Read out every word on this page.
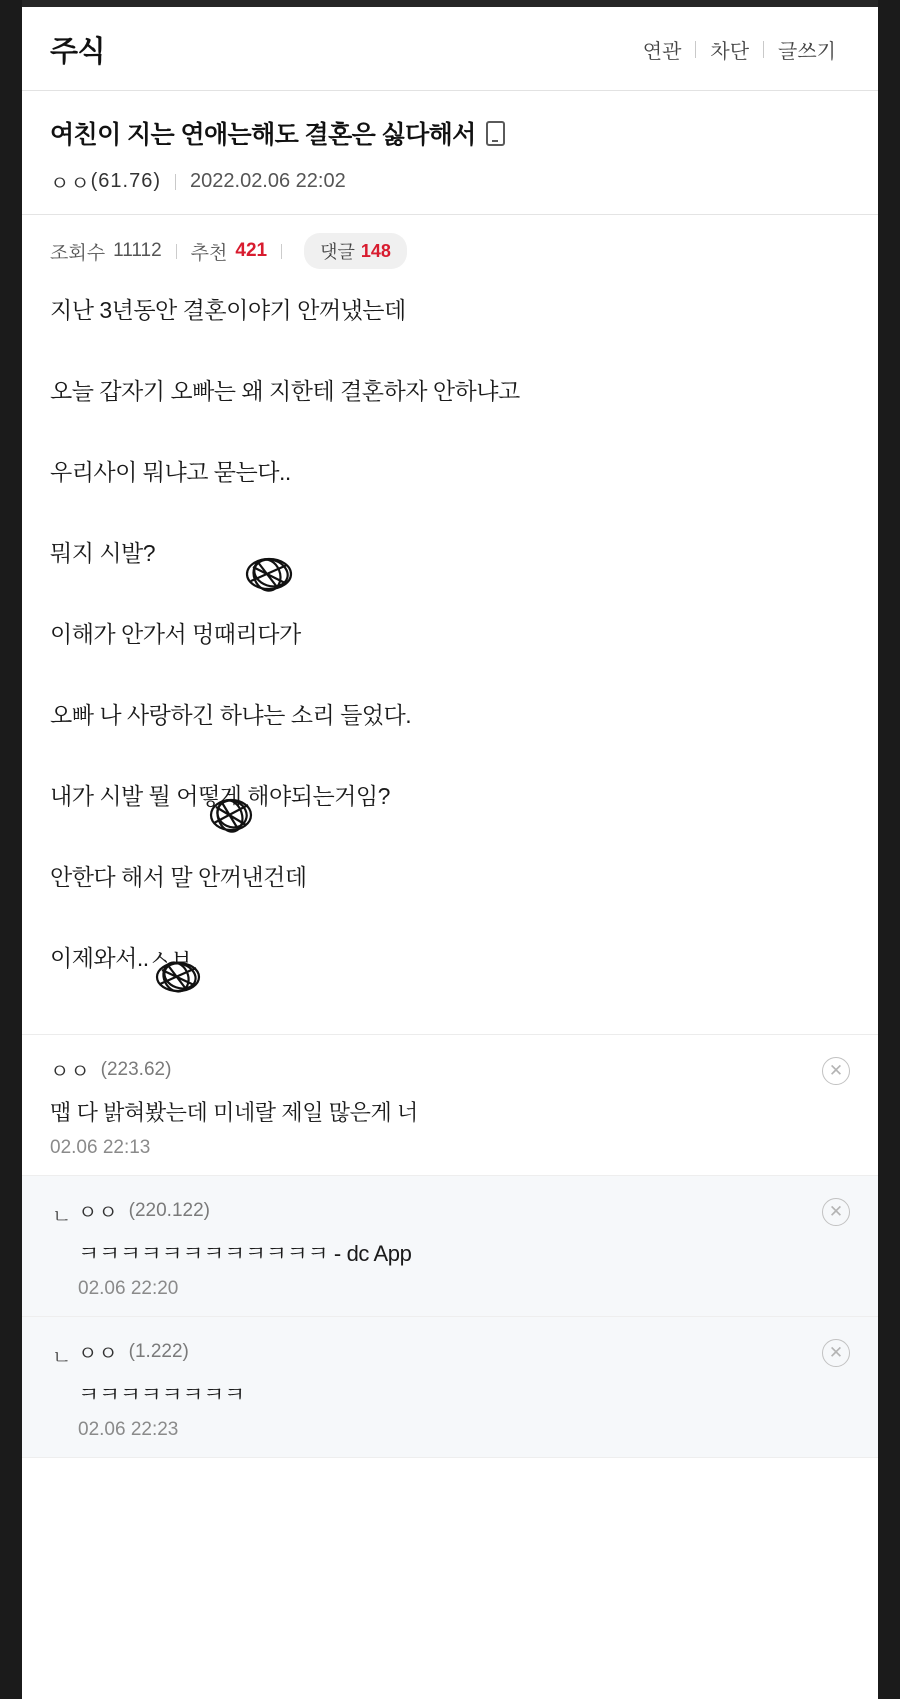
주식	연관	차단	글쓰기
여친이 지는 연애는해도 결혼은 싫다해서
ㅇㅇ (61.76) 2022.02.06 22:02
조회수 11112 추천 421	댓글 148

지난 3년동안 결혼이야기 안꺼냈는데

오늘 갑자기 오빠는 왜 지한테 결혼하자 안하냐고

우리사이 뭐냐고 묻는다..

뭐지 시발?

이해가 안가서 멍때리다가

오빠 나 사랑하긴 하냐는 소리 들었다.

내가 시발 뭘 어떻게 해야되는거임?

안한다 해서 말 안꺼낸건데

이제와서..ㅅㅂ

ㅇㅇ (223.62)
맵 다 밝혀봤는데 미네랄 제일 많은게 너
02.06 22:13
✕
ㄴ ㅇㅇ (220.122)
ㅋㅋㅋㅋㅋㅋㅋㅋㅋㅋㅋㅋ - dc App
02.06 22:20
✕
ㄴ ㅇㅇ (1.222)
ㅋㅋㅋㅋㅋㅋㅋㅋ
02.06 22:23
✕
